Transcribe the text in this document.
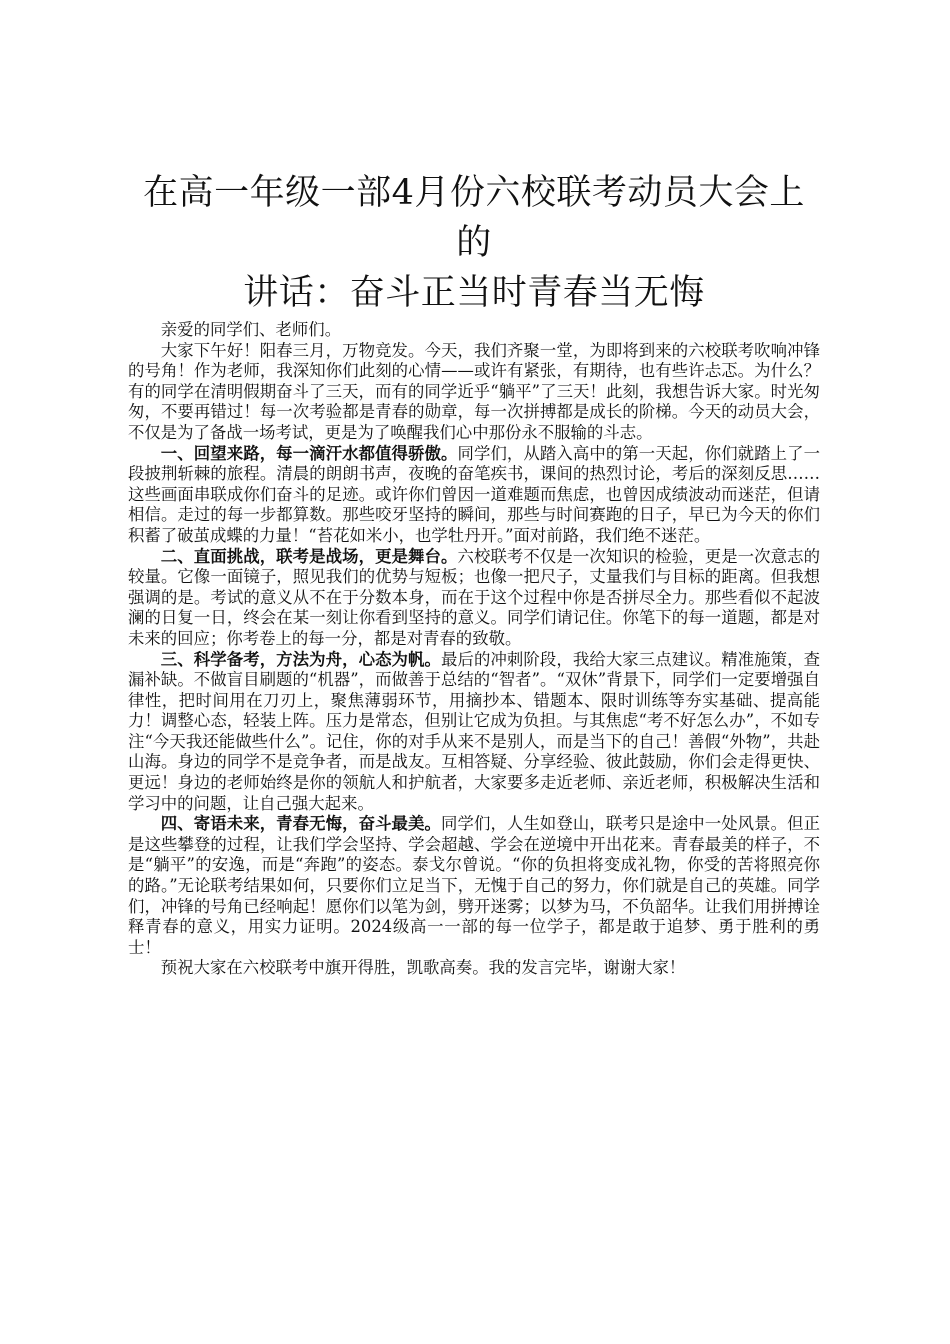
在高一年级一部4月份六校联考动员大会上的
讲话：奋斗正当时青春当无悔

亲爱的同学们、老师们。

大家下午好！阳春三月，万物竞发。今天，我们齐聚一堂，为即将到来的六校联考吹响冲锋的号角！作为老师，我深知你们此刻的心情——或许有紧张，有期待，也有些许忐忑。为什么？有的同学在清明假期奋斗了三天，而有的同学近乎“躺平”了三天！此刻，我想告诉大家。时光匆匆，不要再错过！每一次考验都是青春的勋章，每一次拼搏都是成长的阶梯。今天的动员大会，不仅是为了备战一场考试，更是为了唤醒我们心中那份永不服输的斗志。

一、回望来路，每一滴汗水都值得骄傲。同学们，从踏入高中的第一天起，你们就踏上了一段披荆斩棘的旅程。清晨的朗朗书声，夜晚的奋笔疾书，课间的热烈讨论，考后的深刻反思……这些画面串联成你们奋斗的足迹。或许你们曾因一道难题而焦虑，也曾因成绩波动而迷茫，但请相信。走过的每一步都算数。那些咬牙坚持的瞬间，那些与时间赛跑的日子，早已为今天的你们积蓄了破茧成蝶的力量！“苔花如米小，也学牡丹开。”面对前路，我们绝不迷茫。

二、直面挑战，联考是战场，更是舞台。六校联考不仅是一次知识的检验，更是一次意志的较量。它像一面镜子，照见我们的优势与短板；也像一把尺子，丈量我们与目标的距离。但我想强调的是。考试的意义从不在于分数本身，而在于这个过程中你是否拼尽全力。那些看似不起波澜的日复一日，终会在某一刻让你看到坚持的意义。同学们请记住。你笔下的每一道题，都是对未来的回应；你考卷上的每一分，都是对青春的致敬。

三、科学备考，方法为舟，心态为帆。最后的冲刺阶段，我给大家三点建议。精准施策，查漏补缺。不做盲目刷题的“机器”，而做善于总结的“智者”。“双休”背景下，同学们一定要增强自律性，把时间用在刀刃上，聚焦薄弱环节，用摘抄本、错题本、限时训练等夯实基础、提高能力！调整心态，轻装上阵。压力是常态，但别让它成为负担。与其焦虑“考不好怎么办”，不如专注“今天我还能做些什么”。记住，你的对手从来不是别人，而是当下的自己！善假“外物”，共赴山海。身边的同学不是竞争者，而是战友。互相答疑、分享经验、彼此鼓励，你们会走得更快、更远！身边的老师始终是你的领航人和护航者，大家要多走近老师、亲近老师，积极解决生活和学习中的问题，让自己强大起来。

四、寄语未来，青春无悔，奋斗最美。同学们，人生如登山，联考只是途中一处风景。但正是这些攀登的过程，让我们学会坚持、学会超越、学会在逆境中开出花来。青春最美的样子，不是“躺平”的安逸，而是“奔跑”的姿态。泰戈尔曾说。“你的负担将变成礼物，你受的苦将照亮你的路。”无论联考结果如何，只要你们立足当下，无愧于自己的努力，你们就是自己的英雄。同学们，冲锋的号角已经响起！愿你们以笔为剑，劈开迷雾；以梦为马，不负韶华。让我们用拼搏诠释青春的意义，用实力证明。2024级高一一部的每一位学子，都是敢于追梦、勇于胜利的勇士！

预祝大家在六校联考中旗开得胜，凯歌高奏。我的发言完毕，谢谢大家！
